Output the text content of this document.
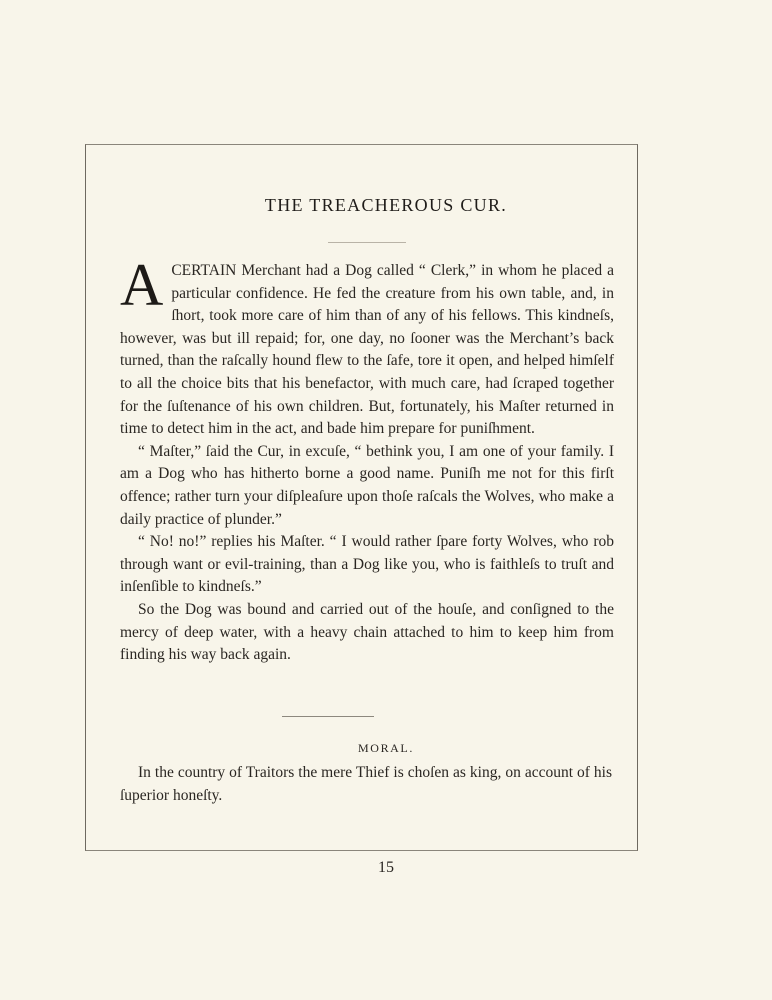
THE TREACHEROUS CUR.

ACERTAIN Merchant had a Dog called “ Clerk,” in whom he placed a particular confidence. He fed the creature from his own table, and, in ſhort, took more care of him than of any of his fellows. This kindneſs, however, was but ill repaid; for, one day, no ſooner was the Merchant’s back turned, than the raſcally hound flew to the ſafe, tore it open, and helped himſelf to all the choice bits that his benefactor, with much care, had ſcraped together for the ſuſtenance of his own children. But, fortunately, his Maſter returned in time to detect him in the act, and bade him prepare for puniſhment.

“ Maſter,” ſaid the Cur, in excuſe, “ bethink you, I am one of your family. I am a Dog who has hitherto borne a good name. Puniſh me not for this firſt offence; rather turn your diſpleaſure upon thoſe raſcals the Wolves, who make a daily practice of plunder.”

“ No! no!” replies his Maſter. “ I would rather ſpare forty Wolves, who rob through want or evil-training, than a Dog like you, who is faithleſs to truſt and inſenſible to kindneſs.”

So the Dog was bound and carried out of the houſe, and conſigned to the mercy of deep water, with a heavy chain attached to him to keep him from finding his way back again.

MORAL.

In the country of Traitors the mere Thief is choſen as king, on account of his ſuperior honeſty.

15
